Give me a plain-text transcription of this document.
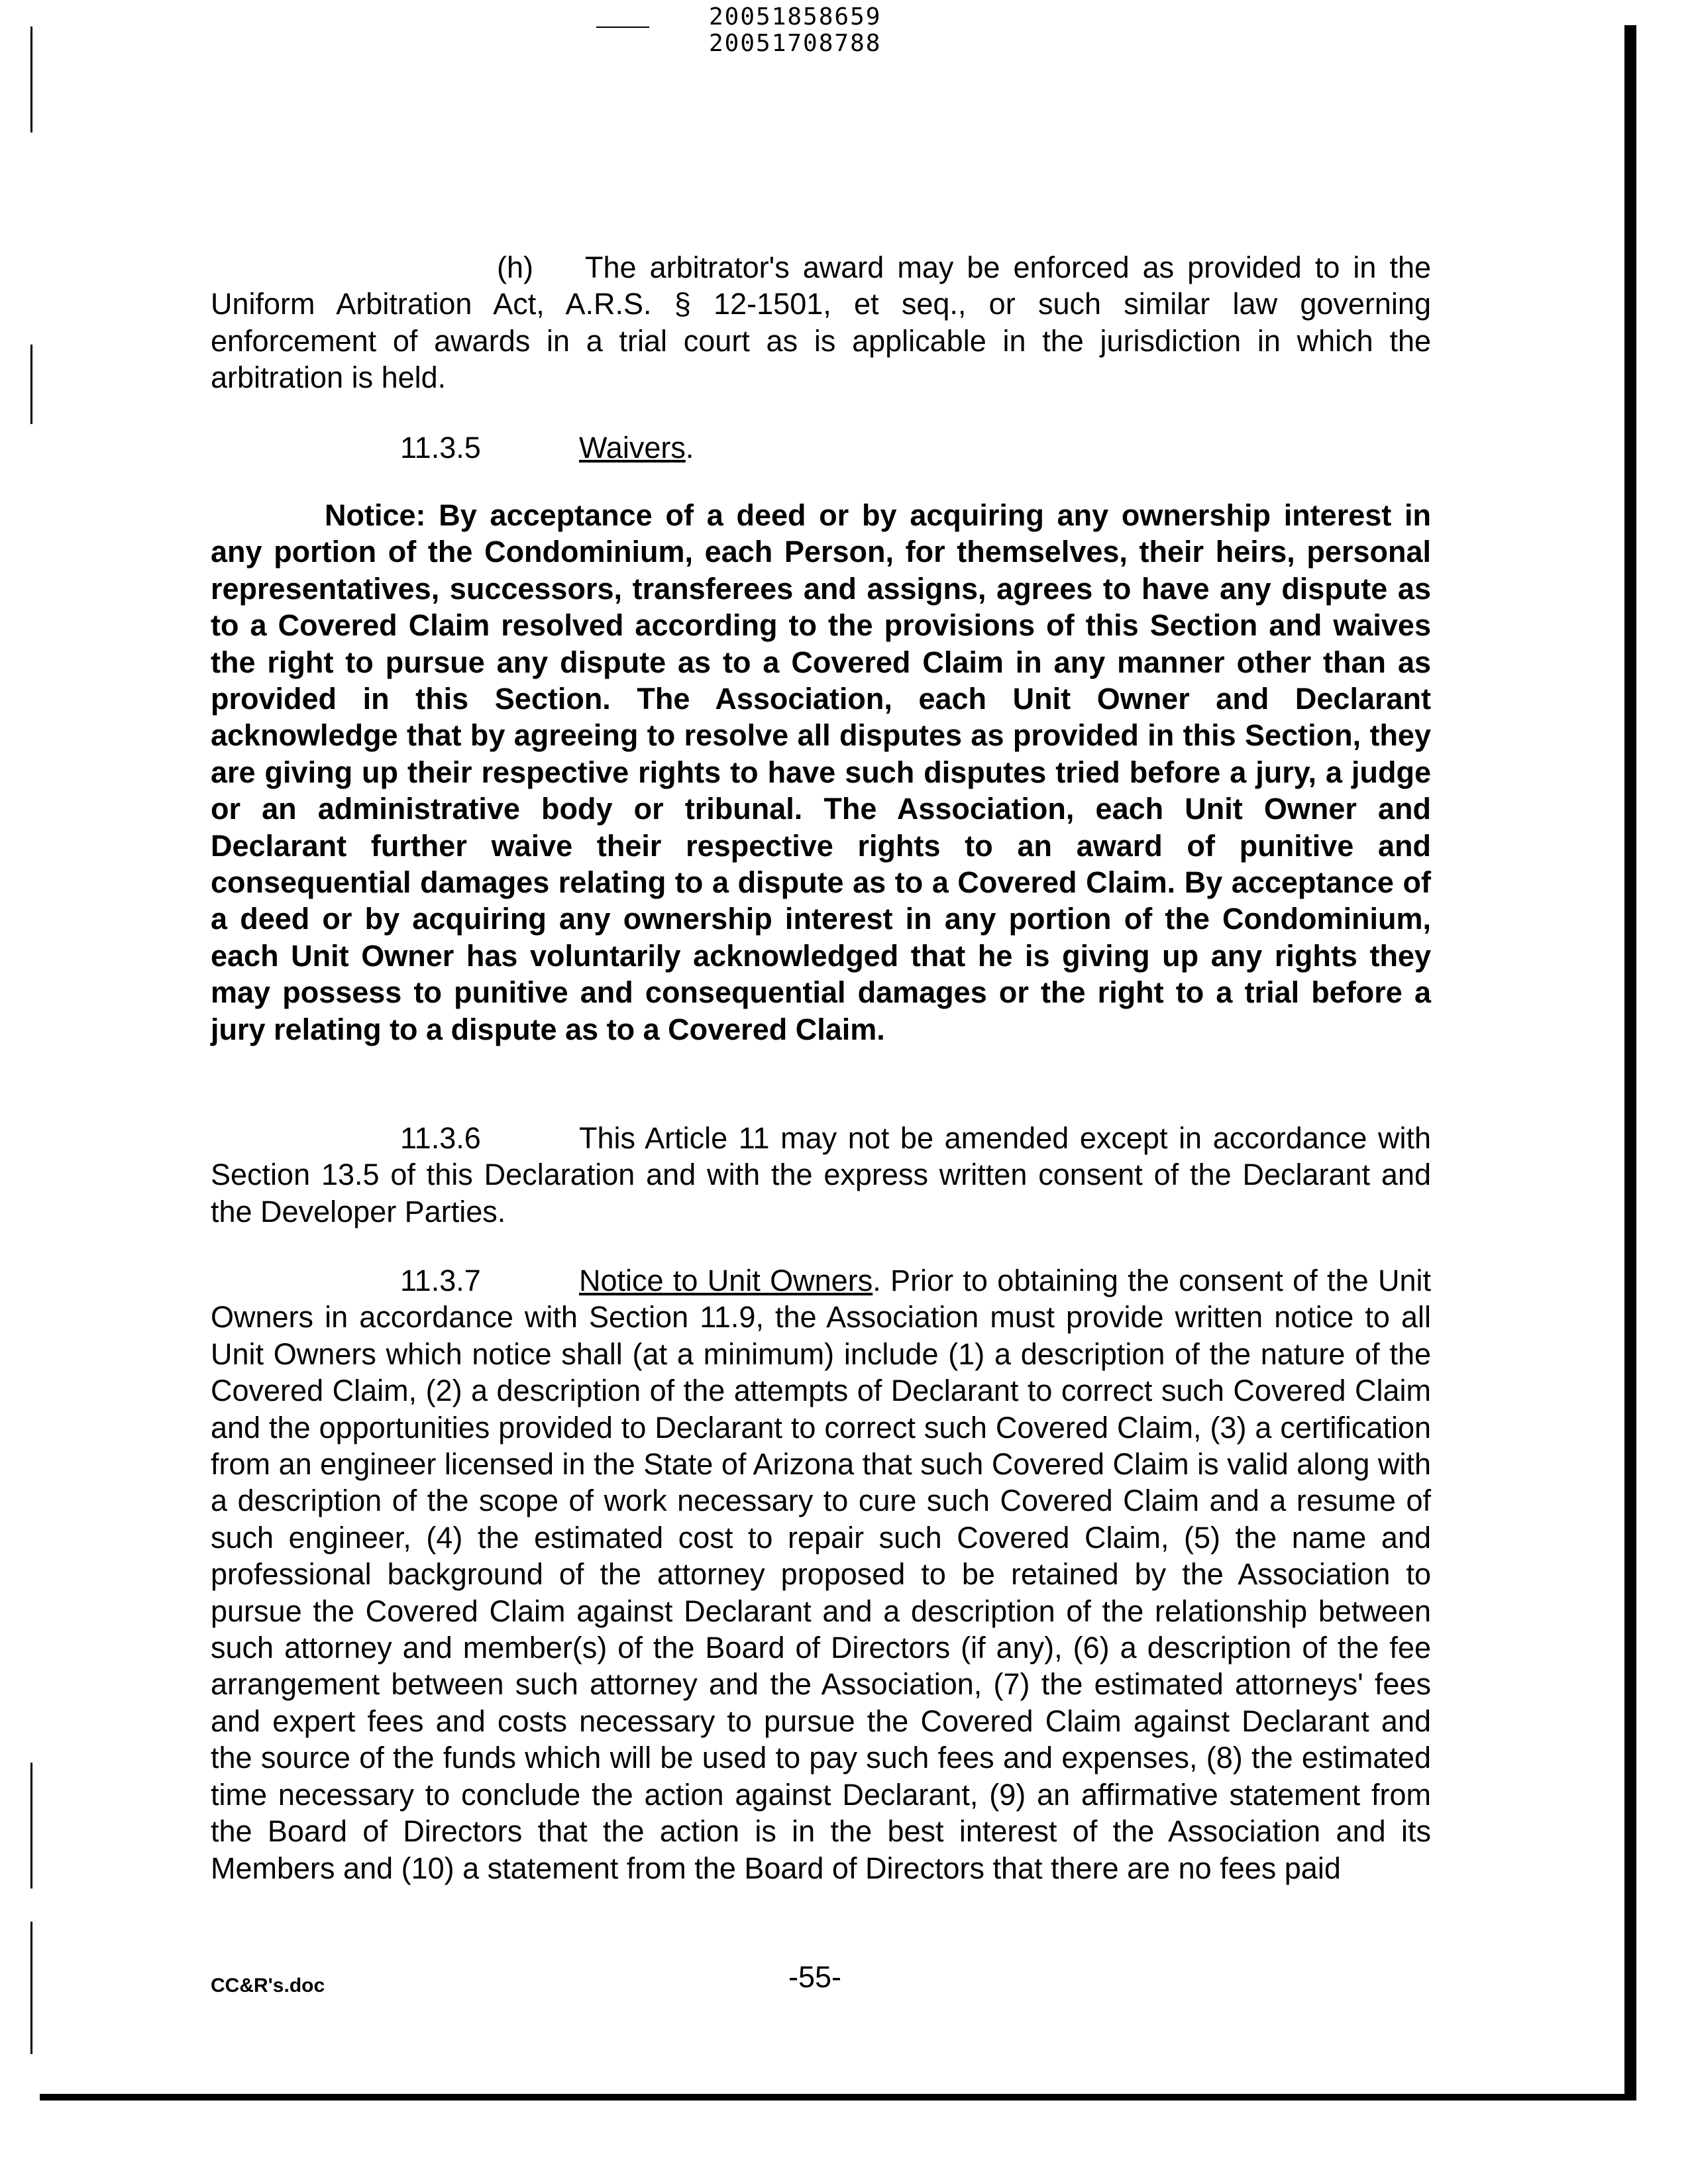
20051858659
20051708788

(h) The arbitrator's award may be enforced as provided to in the Uniform Arbitration Act, A.R.S. § 12-1501, et seq., or such similar law governing enforcement of awards in a trial court as is applicable in the jurisdiction in which the arbitration is held.

11.3.5	Waivers.

Notice: By acceptance of a deed or by acquiring any ownership interest in any portion of the Condominium, each Person, for themselves, their heirs, personal representatives, successors, transferees and assigns, agrees to have any dispute as to a Covered Claim resolved according to the provisions of this Section and waives the right to pursue any dispute as to a Covered Claim in any manner other than as provided in this Section. The Association, each Unit Owner and Declarant acknowledge that by agreeing to resolve all disputes as provided in this Section, they are giving up their respective rights to have such disputes tried before a jury, a judge or an administrative body or tribunal. The Association, each Unit Owner and Declarant further waive their respective rights to an award of punitive and consequential damages relating to a dispute as to a Covered Claim. By acceptance of a deed or by acquiring any ownership interest in any portion of the Condominium, each Unit Owner has voluntarily acknowledged that he is giving up any rights they may possess to punitive and consequential damages or the right to a trial before a jury relating to a dispute as to a Covered Claim.

11.3.6	This Article 11 may not be amended except in accordance with Section 13.5 of this Declaration and with the express written consent of the Declarant and the Developer Parties.

11.3.7	Notice to Unit Owners. Prior to obtaining the consent of the Unit Owners in accordance with Section 11.9, the Association must provide written notice to all Unit Owners which notice shall (at a minimum) include (1) a description of the nature of the Covered Claim, (2) a description of the attempts of Declarant to correct such Covered Claim and the opportunities provided to Declarant to correct such Covered Claim, (3) a certification from an engineer licensed in the State of Arizona that such Covered Claim is valid along with a description of the scope of work necessary to cure such Covered Claim and a resume of such engineer, (4) the estimated cost to repair such Covered Claim, (5) the name and professional background of the attorney proposed to be retained by the Association to pursue the Covered Claim against Declarant and a description of the relationship between such attorney and member(s) of the Board of Directors (if any), (6) a description of the fee arrangement between such attorney and the Association, (7) the estimated attorneys' fees and expert fees and costs necessary to pursue the Covered Claim against Declarant and the source of the funds which will be used to pay such fees and expenses, (8) the estimated time necessary to conclude the action against Declarant, (9) an affirmative statement from the Board of Directors that the action is in the best interest of the Association and its Members and (10) a statement from the Board of Directors that there are no fees paid

CC&R's.doc	-55-
